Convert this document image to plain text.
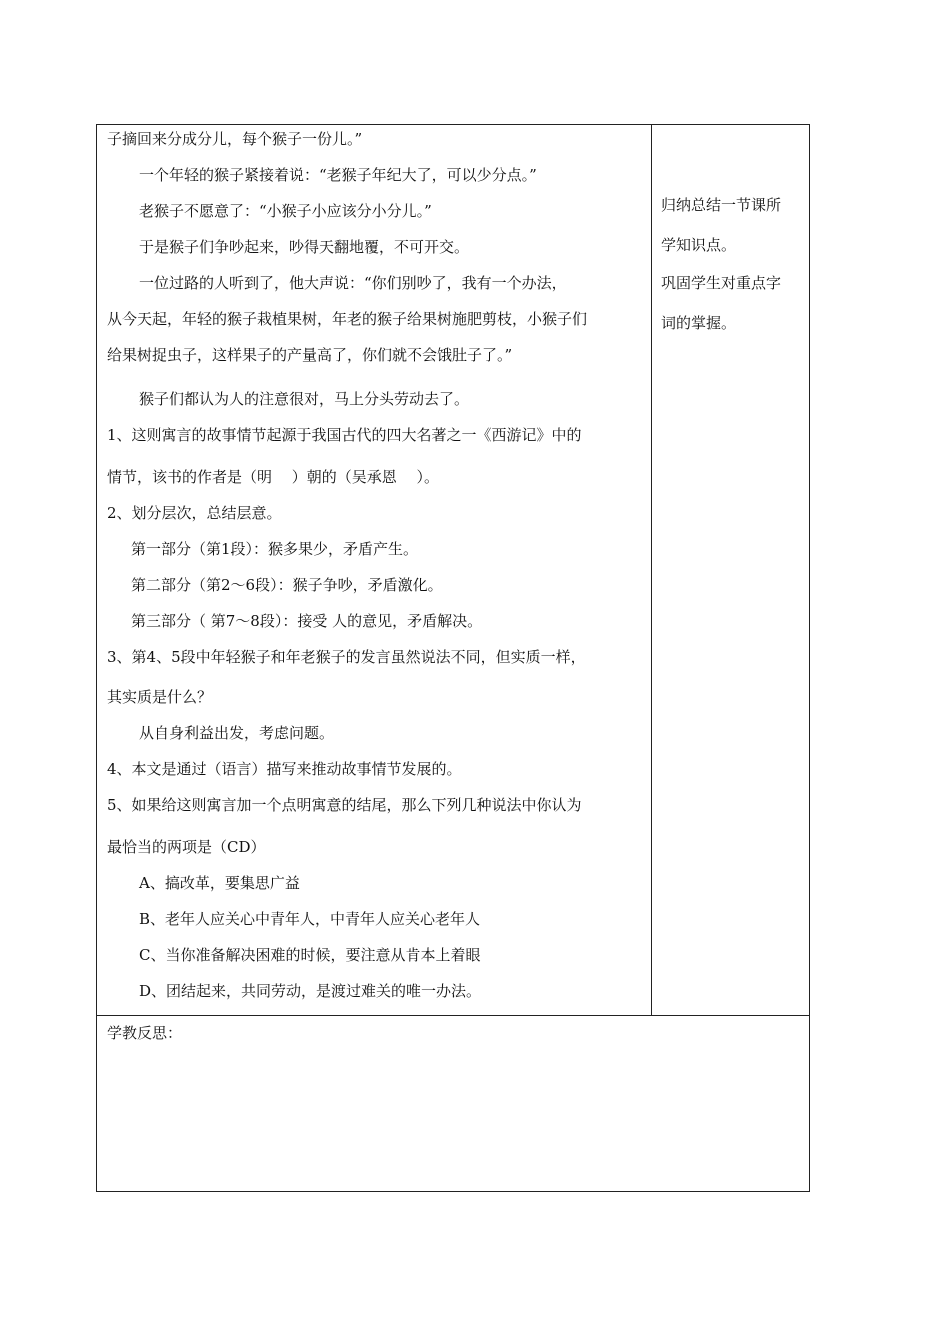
子摘回来分成分儿，每个猴子一份儿。”
一个年轻的猴子紧接着说：“老猴子年纪大了，可以少分点。”
老猴子不愿意了：“小猴子小应该分小分儿。”
于是猴子们争吵起来，吵得天翻地覆，不可开交。
一位过路的人听到了，他大声说：“你们别吵了，我有一个办法，
从今天起，年轻的猴子栽植果树，年老的猴子给果树施肥剪枝，小猴子们
给果树捉虫子，这样果子的产量高了，你们就不会饿肚子了。”
猴子们都认为人的注意很对，马上分头劳动去了。
1、这则寓言的故事情节起源于我国古代的四大名著之一《西游记》中的
情节，该书的作者是（明　 ）朝的（吴承恩　 ）。
2、划分层次，总结层意。
第一部分（第1段）：猴多果少，矛盾产生。
第二部分（第2～6段）：猴子争吵，矛盾激化。
第三部分（ 第7～8段）：接受 人的意见，矛盾解决。
3、第4、5段中年轻猴子和年老猴子的发言虽然说法不同，但实质一样，
其实质是什么？
从自身利益出发，考虑问题。
4、本文是通过（语言）描写来推动故事情节发展的。
5、如果给这则寓言加一个点明寓意的结尾，那么下列几种说法中你认为
最恰当的两项是（CD）
A、搞改革，要集思广益
B、老年人应关心中青年人，中青年人应关心老年人
C、当你准备解决困难的时候，要注意从肯本上着眼
D、团结起来，共同劳动，是渡过难关的唯一办法。
归纳总结一节课所
学知识点。
巩固学生对重点字
词的掌握。
学教反思：
